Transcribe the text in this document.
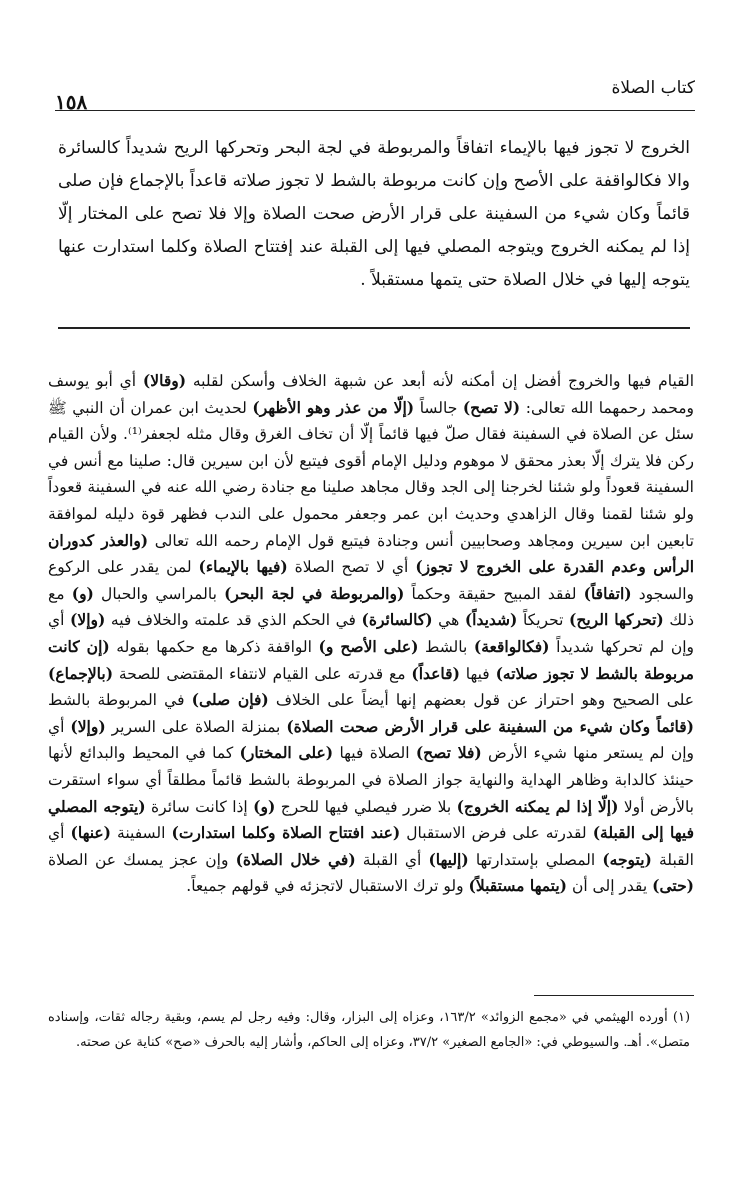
كتاب الصلاة
١٥٨

الخروج لا تجوز فيها بالإيماء اتفاقاً والمربوطة في لجة البحر وتحركها الريح شديداً كالسائرة والا فكالواقفة على الأصح وإن كانت مربوطة بالشط لا تجوز صلاته قاعداً بالإجماع فإن صلى قائماً وكان شيء من السفينة على قرار الأرض صحت الصلاة وإلا فلا تصح على المختار إلّا إذا لم يمكنه الخروج ويتوجه المصلي فيها إلى القبلة عند إفتتاح الصلاة وكلما استدارت عنها يتوجه إليها في خلال الصلاة حتى يتمها مستقبلاً .

القيام فيها والخروج أفضل إن أمكنه لأنه أبعد عن شبهة الخلاف وأسكن لقلبه (وقالا) أي أبو يوسف ومحمد رحمهما الله تعالى: (لا تصح) جالساً (إلّا من عذر وهو الأظهر) لحديث ابن عمران أن النبي ﷺ سئل عن الصلاة في السفينة فقال صلّ فيها قائماً إلّا أن تخاف الغرق وقال مثله لجعفر⁽¹⁾. ولأن القيام ركن فلا يترك إلّا بعذر محقق لا موهوم ودليل الإمام أقوى فيتبع لأن ابن سيرين قال: صلينا مع أنس في السفينة قعوداً ولو شئنا لخرجنا إلى الجد وقال مجاهد صلينا مع جنادة رضي الله عنه في السفينة قعوداً ولو شئنا لقمنا وقال الزاهدي وحديث ابن عمر وجعفر محمول على الندب فظهر قوة دليله لموافقة تابعين ابن سيرين ومجاهد وصحابيين أنس وجنادة فيتبع قول الإمام رحمه الله تعالى (والعذر كدوران الرأس وعدم القدرة على الخروج لا تجوز) أي لا تصح الصلاة (فيها بالإيماء) لمن يقدر على الركوع والسجود (اتفاقاً) لفقد المبيح حقيقة وحكماً (والمربوطة في لجة البحر) بالمراسي والحبال (و) مع ذلك (تحركها الريح) تحريكاً (شديداً) هي (كالسائرة) في الحكم الذي قد علمته والخلاف فيه (وإلا) أي وإن لم تحركها شديداً (فكالواقعة) بالشط (على الأصح و) الواقفة ذكرها مع حكمها بقوله (إن كانت مربوطة بالشط لا تجوز صلاته) فيها (قاعداً) مع قدرته على القيام لانتفاء المقتضى للصحة (بالإجماع) على الصحيح وهو احتراز عن قول بعضهم إنها أيضاً على الخلاف (فإن صلى) في المربوطة بالشط (قائماً وكان شيء من السفينة على قرار الأرض صحت الصلاة) بمنزلة الصلاة على السرير (وإلا) أي وإن لم يستعر منها شيء الأرض (فلا تصح) الصلاة فيها (على المختار) كما في المحيط والبدائع لأنها حينئذ كالدابة وظاهر الهداية والنهاية جواز الصلاة في المربوطة بالشط قائماً مطلقاً أي سواء استقرت بالأرض أولا (إلّا إذا لم يمكنه الخروج) بلا ضرر فيصلي فيها للحرج (و) إذا كانت سائرة (يتوجه المصلي فيها إلى القبلة) لقدرته على فرض الاستقبال (عند افتتاح الصلاة وكلما استدارت) السفينة (عنها) أي القبلة (يتوجه) المصلي بإستدارتها (إليها) أي القبلة (في خلال الصلاة) وإن عجز يمسك عن الصلاة (حتى) يقدر إلى أن (يتمها مستقبلاً) ولو ترك الاستقبال لاتجزئه في قولهم جميعاً.

(١) أورده الهيثمي في «مجمع الزوائد» ١٦٣/٢، وعزاه إلى البزار، وقال: وفيه رجل لم يسم، وبقية رجاله ثقات، وإسناده متصل». أهـ. والسيوطي في: «الجامع الصغير» ٣٧/٢، وعزاه إلى الحاكم، وأشار إليه بالحرف «صح» كناية عن صحته.
